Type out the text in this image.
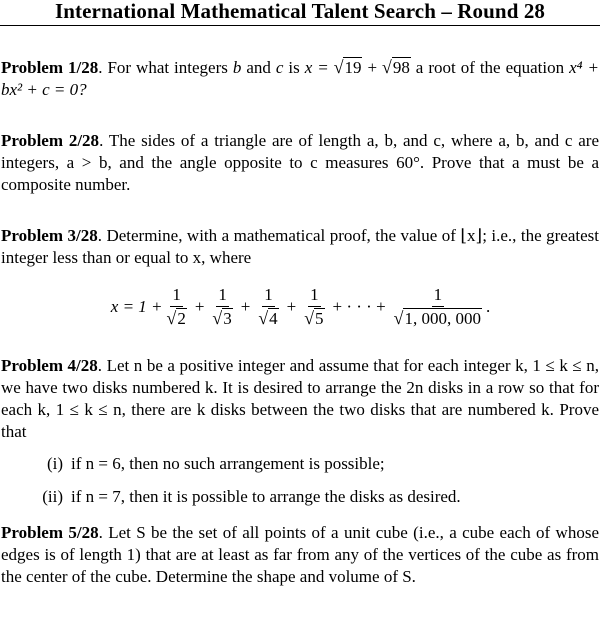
International Mathematical Talent Search – Round 28

Problem 1/28. For what integers b and c is x = √19 + √98 a root of the equation x⁴ + bx² + c = 0?

Problem 2/28. The sides of a triangle are of length a, b, and c, where a, b, and c are integers, a > b, and the angle opposite to c measures 60°. Prove that a must be a composite number.

Problem 3/28. Determine, with a mathematical proof, the value of ⌊x⌋; i.e., the greatest integer less than or equal to x, where

$x = 1 + \frac{1}{√2} + \frac{1}{√3} + \frac{1}{√4} + \frac{1}{√5}$ + · · · + $\frac{1}{√1, 000, 000}$ .

Problem 4/28. Let n be a positive integer and assume that for each integer k, 1 ≤ k ≤ n, we have two disks numbered k. It is desired to arrange the 2n disks in a row so that for each k, 1 ≤ k ≤ n, there are k disks between the two disks that are numbered k. Prove that

(i) if n = 6, then no such arrangement is possible;
(ii) if n = 7, then it is possible to arrange the disks as desired.

Problem 5/28. Let S be the set of all points of a unit cube (i.e., a cube each of whose edges is of length 1) that are at least as far from any of the vertices of the cube as from the center of the cube. Determine the shape and volume of S.
